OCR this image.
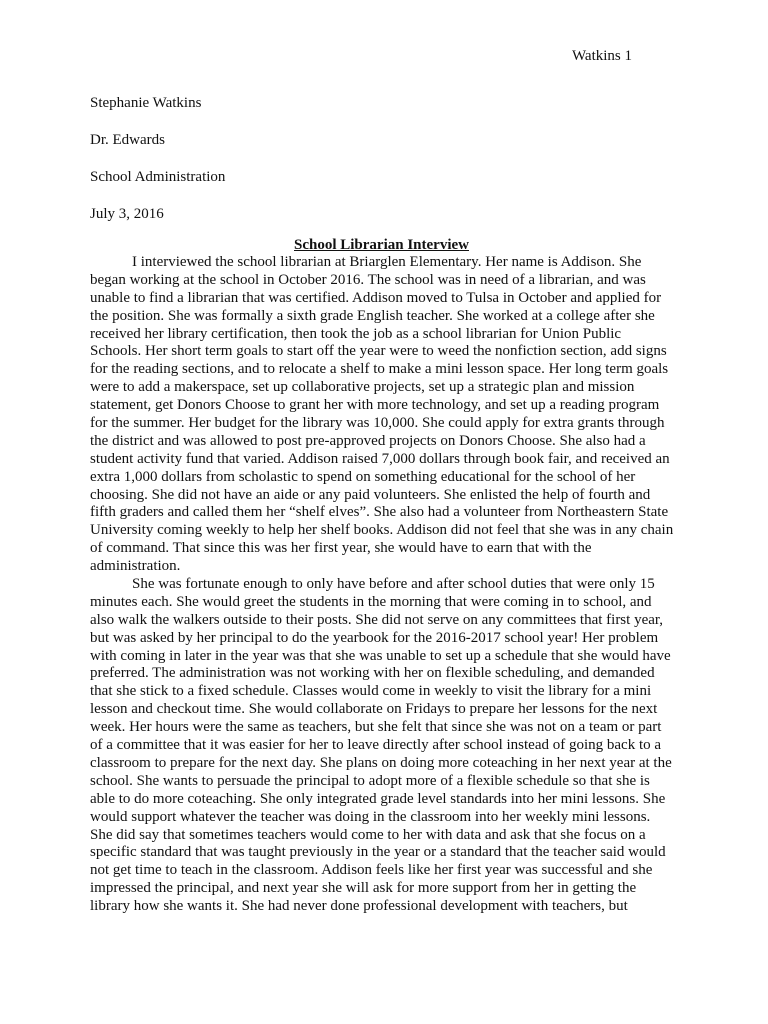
Watkins 1
Stephanie Watkins
Dr. Edwards
School Administration
July 3, 2016
School Librarian Interview
I interviewed the school librarian at Briarglen Elementary. Her name is Addison. She
began working at the school in October 2016. The school was in need of a librarian, and was
unable to find a librarian that was certified. Addison moved to Tulsa in October and applied for
the position. She was formally a sixth grade English teacher. She worked at a college after she
received her library certification, then took the job as a school librarian for Union Public
Schools. Her short term goals to start off the year were to weed the nonfiction section, add signs
for the reading sections, and to relocate a shelf to make a mini lesson space. Her long term goals
were to add a makerspace, set up collaborative projects, set up a strategic plan and mission
statement, get Donors Choose to grant her with more technology, and set up a reading program
for the summer. Her budget for the library was 10,000. She could apply for extra grants through
the district and was allowed to post pre-approved projects on Donors Choose. She also had a
student activity fund that varied. Addison raised 7,000 dollars through book fair, and received an
extra 1,000 dollars from scholastic to spend on something educational for the school of her
choosing. She did not have an aide or any paid volunteers. She enlisted the help of fourth and
fifth graders and called them her “shelf elves”. She also had a volunteer from Northeastern State
University coming weekly to help her shelf books. Addison did not feel that she was in any chain
of command. That since this was her first year, she would have to earn that with the
administration.
She was fortunate enough to only have before and after school duties that were only 15
minutes each. She would greet the students in the morning that were coming in to school, and
also walk the walkers outside to their posts. She did not serve on any committees that first year,
but was asked by her principal to do the yearbook for the 2016-2017 school year! Her problem
with coming in later in the year was that she was unable to set up a schedule that she would have
preferred. The administration was not working with her on flexible scheduling, and demanded
that she stick to a fixed schedule. Classes would come in weekly to visit the library for a mini
lesson and checkout time. She would collaborate on Fridays to prepare her lessons for the next
week. Her hours were the same as teachers, but she felt that since she was not on a team or part
of a committee that it was easier for her to leave directly after school instead of going back to a
classroom to prepare for the next day. She plans on doing more coteaching in her next year at the
school. She wants to persuade the principal to adopt more of a flexible schedule so that she is
able to do more coteaching. She only integrated grade level standards into her mini lessons. She
would support whatever the teacher was doing in the classroom into her weekly mini lessons.
She did say that sometimes teachers would come to her with data and ask that she focus on a
specific standard that was taught previously in the year or a standard that the teacher said would
not get time to teach in the classroom. Addison feels like her first year was successful and she
impressed the principal, and next year she will ask for more support from her in getting the
library how she wants it. She had never done professional development with teachers, but
